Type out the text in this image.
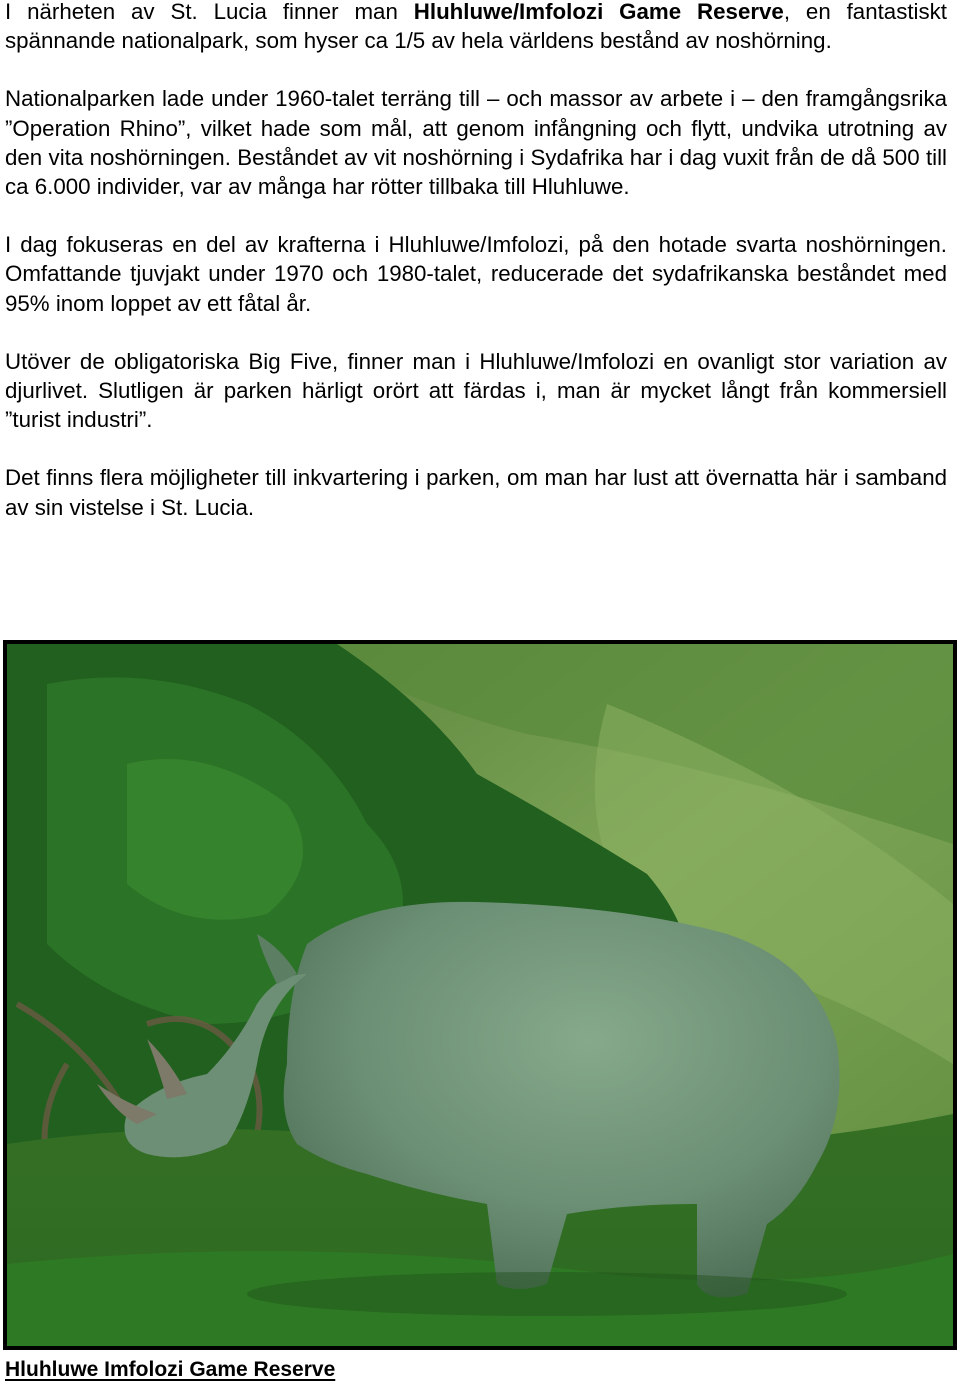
I närheten av St. Lucia finner man Hluhluwe/Imfolozi Game Reserve, en fantastiskt spännande nationalpark, som hyser ca 1/5 av hela världens bestånd av noshörning.

Nationalparken lade under 1960-talet terräng till – och massor av arbete i – den framgångsrika ”Operation Rhino”, vilket hade som mål, att genom infångning och flytt, undvika utrotning av den vita noshörningen. Beståndet av vit noshörning i Sydafrika har i dag vuxit från de då 500 till ca 6.000 individer, var av många har rötter tillbaka till Hluhluwe.

I dag fokuseras en del av krafterna i Hluhluwe/Imfolozi, på den hotade svarta noshörningen. Omfattande tjuvjakt under 1970 och 1980-talet, reducerade det sydafrikanska beståndet med 95% inom loppet av ett fåtal år.

Utöver de obligatoriska Big Five, finner man i Hluhluwe/Imfolozi en ovanligt stor variation av djurlivet. Slutligen är parken härligt orört att färdas i, man är mycket långt från kommersiell ”turist industri”.

Det finns flera möjligheter till inkvartering i parken, om man har lust att övernatta här i samband av sin vistelse i St. Lucia.

Hluhluwe Imfolozi Game Reserve
